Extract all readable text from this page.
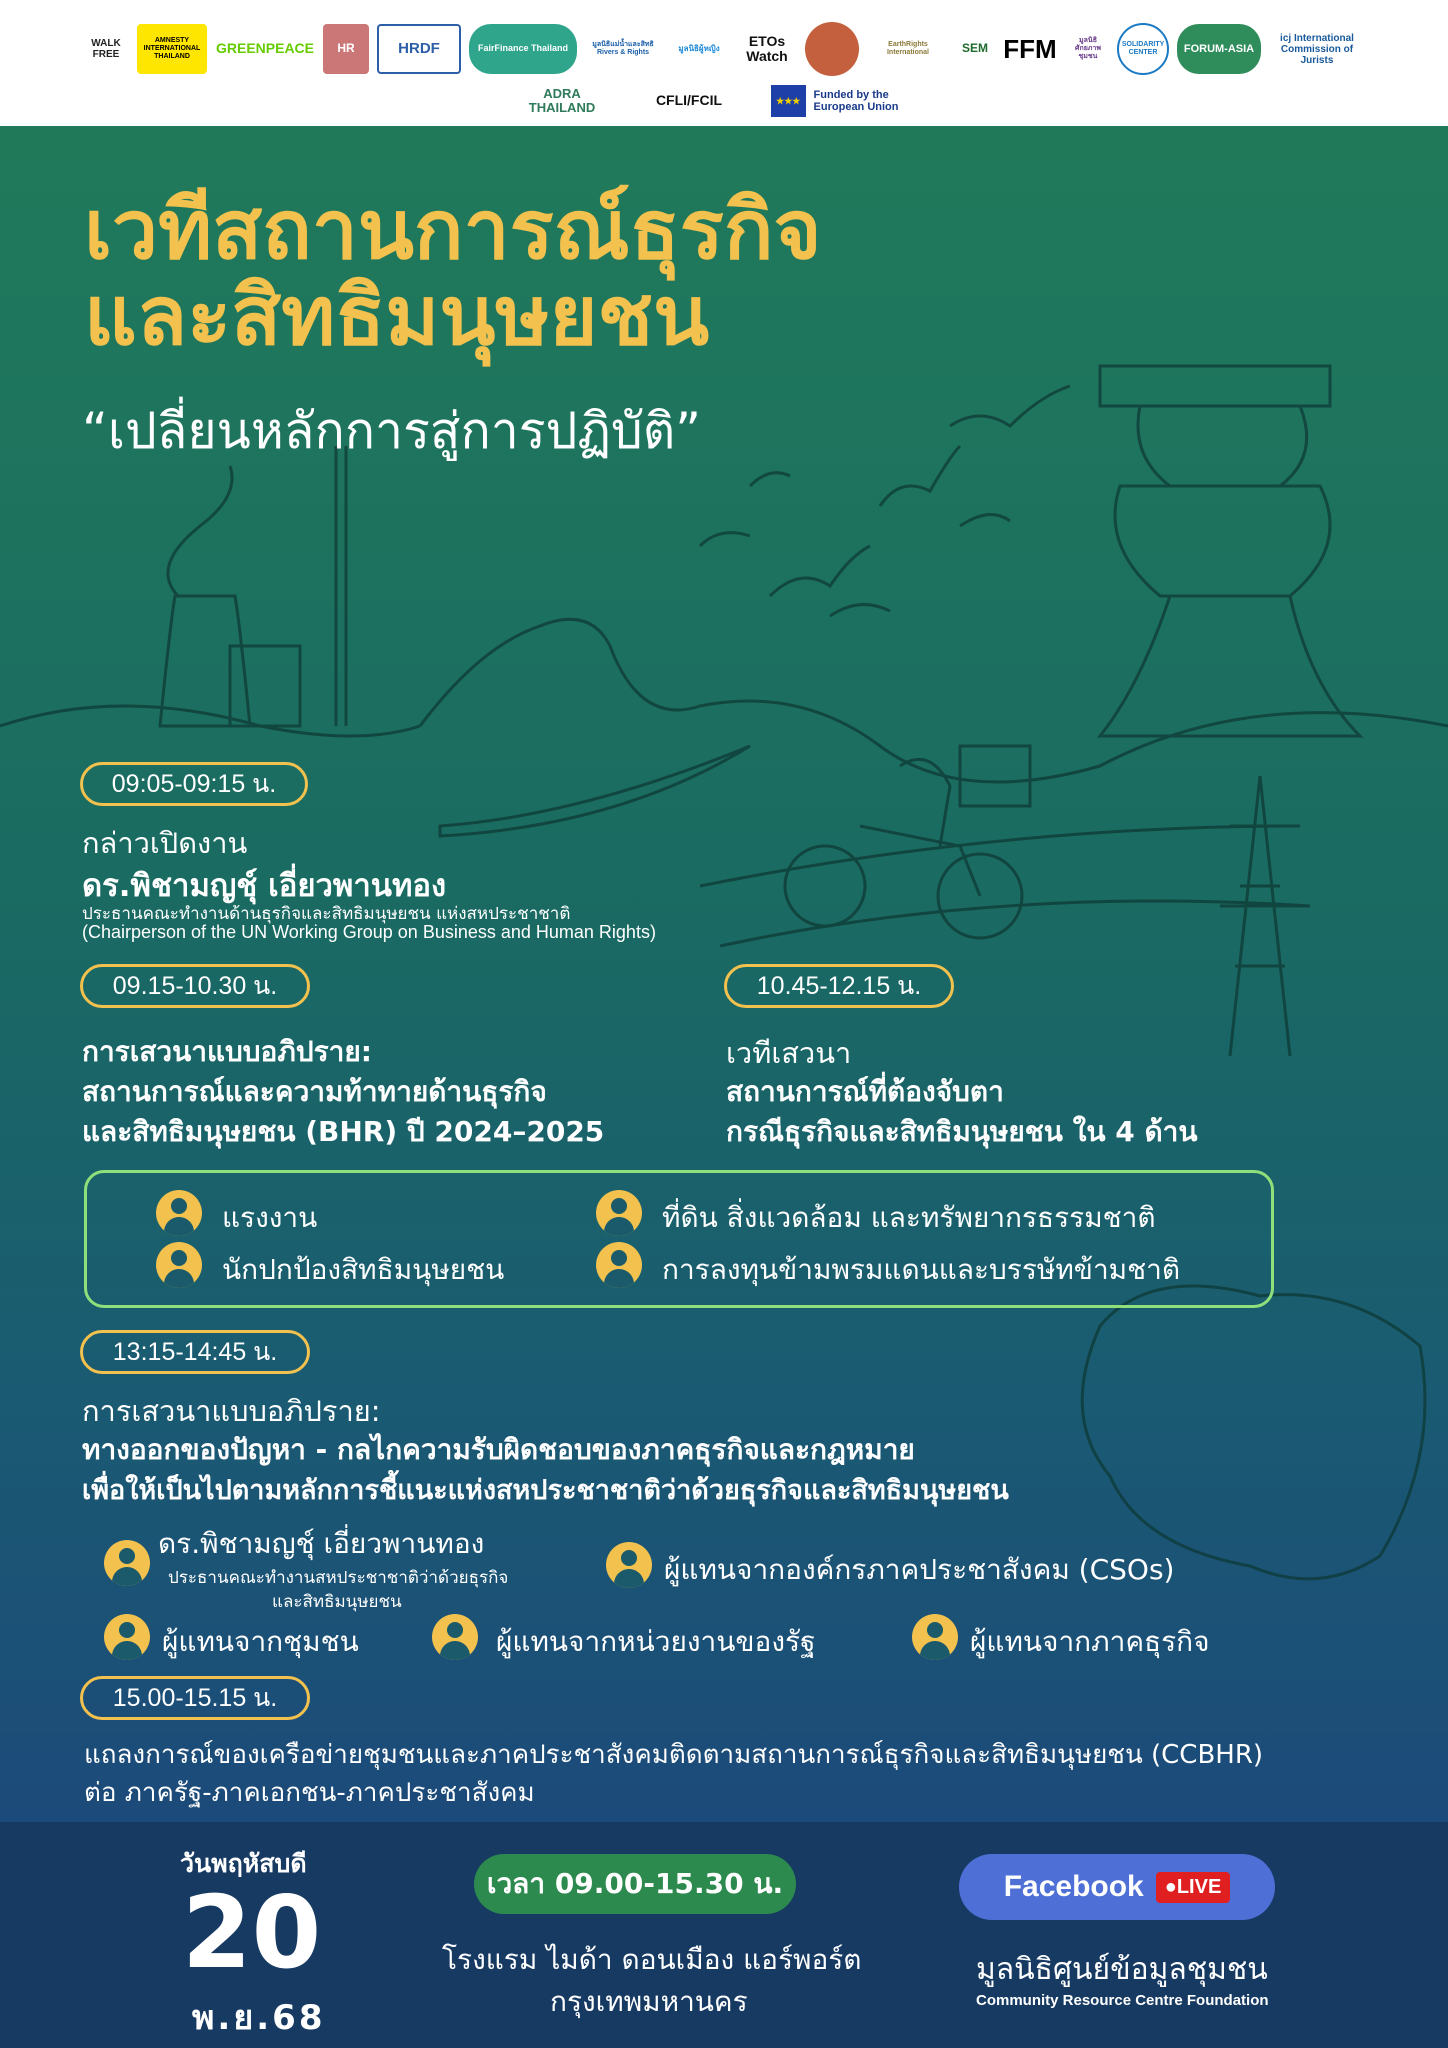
WALK FREE
AMNESTY INTERNATIONAL THAILAND
GREENPEACE	HR	HRDF	FairFinance Thailand	มูลนิธิแม่น้ำและสิทธิ Rivers & Rights	มูลนิธิผู้หญิง	ETOs Watch
EarthRights International	SEM FFM	มูลนิธิศักยภาพชุมชน
SOLIDARITY CENTER	FORUM-ASIA
icj International Commission of Jurists
ADRA THAILAND	CFLI/FCIL	★★★
Funded by the European Union
เวทีสถานการณ์ธุรกิจ
และสิทธิมนุษยชน
“เปลี่ยนหลักการสู่การปฏิบัติ”
09:05-09:15 น.
กล่าวเปิดงาน
ดร.พิชามญชุ์ เอี่ยวพานทอง
ประธานคณะทำงานด้านธุรกิจและสิทธิมนุษยชน แห่งสหประชาชาติ
(Chairperson of the UN Working Group on Business and Human Rights)
09.15-10.30 น.
การเสวนาแบบอภิปราย:
สถานการณ์และความท้าทายด้านธุรกิจ
และสิทธิมนุษยชน (BHR) ปี 2024–2025
10.45-12.15 น.
เวทีเสวนา
สถานการณ์ที่ต้องจับตา
กรณีธุรกิจและสิทธิมนุษยชน ใน 4 ด้าน
แรงงาน
นักปกป้องสิทธิมนุษยชน
ที่ดิน สิ่งแวดล้อม และทรัพยากรธรรมชาติ
การลงทุนข้ามพรมแดนและบรรษัทข้ามชาติ
13:15-14:45 น.
การเสวนาแบบอภิปราย:
ทางออกของปัญหา - กลไกความรับผิดชอบของภาคธุรกิจและกฎหมาย
เพื่อให้เป็นไปตามหลักการชี้แนะแห่งสหประชาชาติว่าด้วยธุรกิจและสิทธิมนุษยชน
ดร.พิชามญชุ์ เอี่ยวพานทอง
ประธานคณะทำงานสหประชาชาติว่าด้วยธุรกิจ
และสิทธิมนุษยชน
ผู้แทนจากองค์กรภาคประชาสังคม (CSOs)
ผู้แทนจากชุมชน	ผู้แทนจากหน่วยงานของรัฐ	ผู้แทนจากภาคธุรกิจ
15.00-15.15 น.
แถลงการณ์ของเครือข่ายชุมชนและภาคประชาสังคมติดตามสถานการณ์ธุรกิจและสิทธิมนุษยชน (CCBHR)
ต่อ ภาครัฐ-ภาคเอกชน-ภาคประชาสังคม
วันพฤหัสบดี
20
พ.ย.68
เวลา 09.00-15.30 น.
โรงแรม ไมด้า ดอนเมือง แอร์พอร์ต
กรุงเทพมหานคร
Facebook	●LIVE
มูลนิธิศูนย์ข้อมูลชุมชน
Community Resource Centre Foundation
